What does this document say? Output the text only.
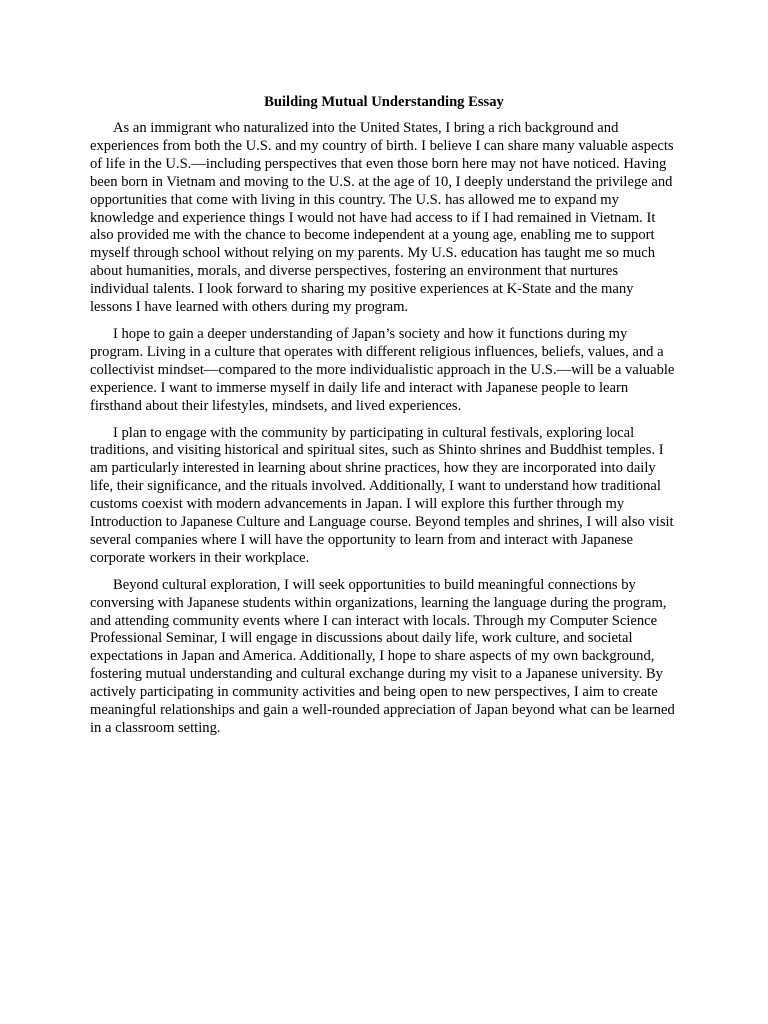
Building Mutual Understanding Essay

As an immigrant who naturalized into the United States, I bring a rich background and experiences from both the U.S. and my country of birth. I believe I can share many valuable aspects of life in the U.S.—including perspectives that even those born here may not have noticed. Having been born in Vietnam and moving to the U.S. at the age of 10, I deeply understand the privilege and opportunities that come with living in this country. The U.S. has allowed me to expand my knowledge and experience things I would not have had access to if I had remained in Vietnam. It also provided me with the chance to become independent at a young age, enabling me to support myself through school without relying on my parents. My U.S. education has taught me so much about humanities, morals, and diverse perspectives, fostering an environment that nurtures individual talents. I look forward to sharing my positive experiences at K-State and the many lessons I have learned with others during my program.

I hope to gain a deeper understanding of Japan’s society and how it functions during my program. Living in a culture that operates with different religious influences, beliefs, values, and a collectivist mindset—compared to the more individualistic approach in the U.S.—will be a valuable experience. I want to immerse myself in daily life and interact with Japanese people to learn firsthand about their lifestyles, mindsets, and lived experiences.

I plan to engage with the community by participating in cultural festivals, exploring local traditions, and visiting historical and spiritual sites, such as Shinto shrines and Buddhist temples. I am particularly interested in learning about shrine practices, how they are incorporated into daily life, their significance, and the rituals involved. Additionally, I want to understand how traditional customs coexist with modern advancements in Japan. I will explore this further through my Introduction to Japanese Culture and Language course. Beyond temples and shrines, I will also visit several companies where I will have the opportunity to learn from and interact with Japanese corporate workers in their workplace.

Beyond cultural exploration, I will seek opportunities to build meaningful connections by conversing with Japanese students within organizations, learning the language during the program, and attending community events where I can interact with locals. Through my Computer Science Professional Seminar, I will engage in discussions about daily life, work culture, and societal expectations in Japan and America. Additionally, I hope to share aspects of my own background, fostering mutual understanding and cultural exchange during my visit to a Japanese university. By actively participating in community activities and being open to new perspectives, I aim to create meaningful relationships and gain a well-rounded appreciation of Japan beyond what can be learned in a classroom setting.
